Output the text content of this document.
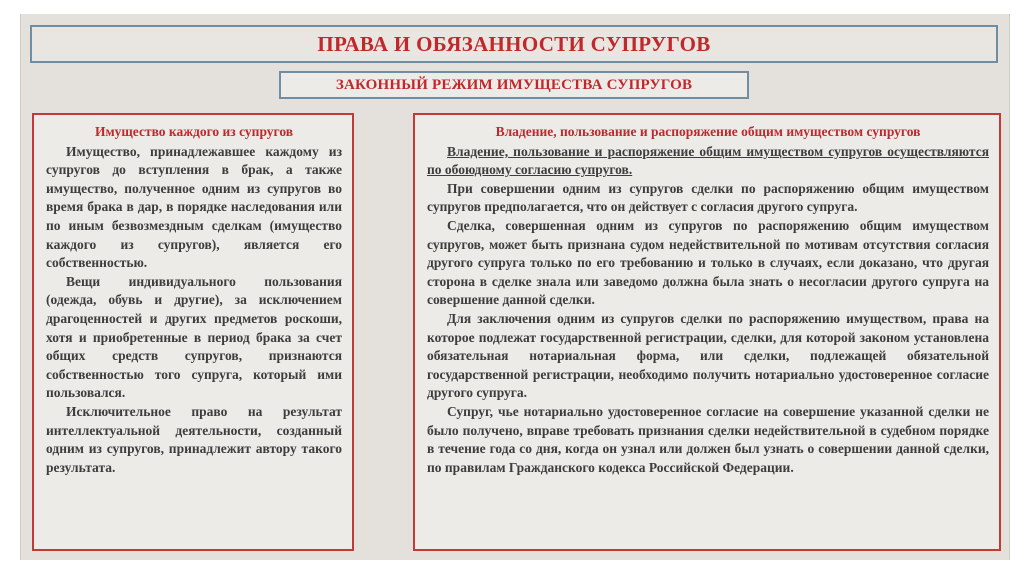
ПРАВА И ОБЯЗАННОСТИ СУПРУГОВ
ЗАКОННЫЙ РЕЖИМ ИМУЩЕСТВА СУПРУГОВ

Имущество каждого из супругов

Имущество, принадлежавшее каждому из супругов до вступления в брак, а также имущество, полученное одним из супругов во время брака в дар, в порядке наследования или по иным безвозмездным сделкам (имущество каждого из супругов), является его собственностью.

Вещи индивидуального пользования (одежда, обувь и другие), за исключением драгоценностей и других предметов роскоши, хотя и приобретенные в период брака за счет общих средств супругов, признаются собственностью того супруга, который ими пользовался.

Исключительное право на результат интеллектуальной деятельности, созданный одним из супругов, принадлежит автору такого результата.

Владение, пользование и распоряжение общим имуществом супругов

Владение, пользование и распоряжение общим имуществом супругов осуществляются по обоюдному согласию супругов.

При совершении одним из супругов сделки по распоряжению общим имуществом супругов предполагается, что он действует с согласия другого супруга.

Сделка, совершенная одним из супругов по распоряжению общим имуществом супругов, может быть признана судом недействительной по мотивам отсутствия согласия другого супруга только по его требованию и только в случаях, если доказано, что другая сторона в сделке знала или заведомо должна была знать о несогласии другого супруга на совершение данной сделки.

Для заключения одним из супругов сделки по распоряжению имуществом, права на которое подлежат государственной регистрации, сделки, для которой законом установлена обязательная нотариальная форма, или сделки, подлежащей обязательной государственной регистрации, необходимо получить нотариально удостоверенное согласие другого супруга.

Супруг, чье нотариально удостоверенное согласие на совершение указанной сделки не было получено, вправе требовать признания сделки недействительной в судебном порядке в течение года со дня, когда он узнал или должен был узнать о совершении данной сделки, по правилам Гражданского кодекса Российской Федерации.
